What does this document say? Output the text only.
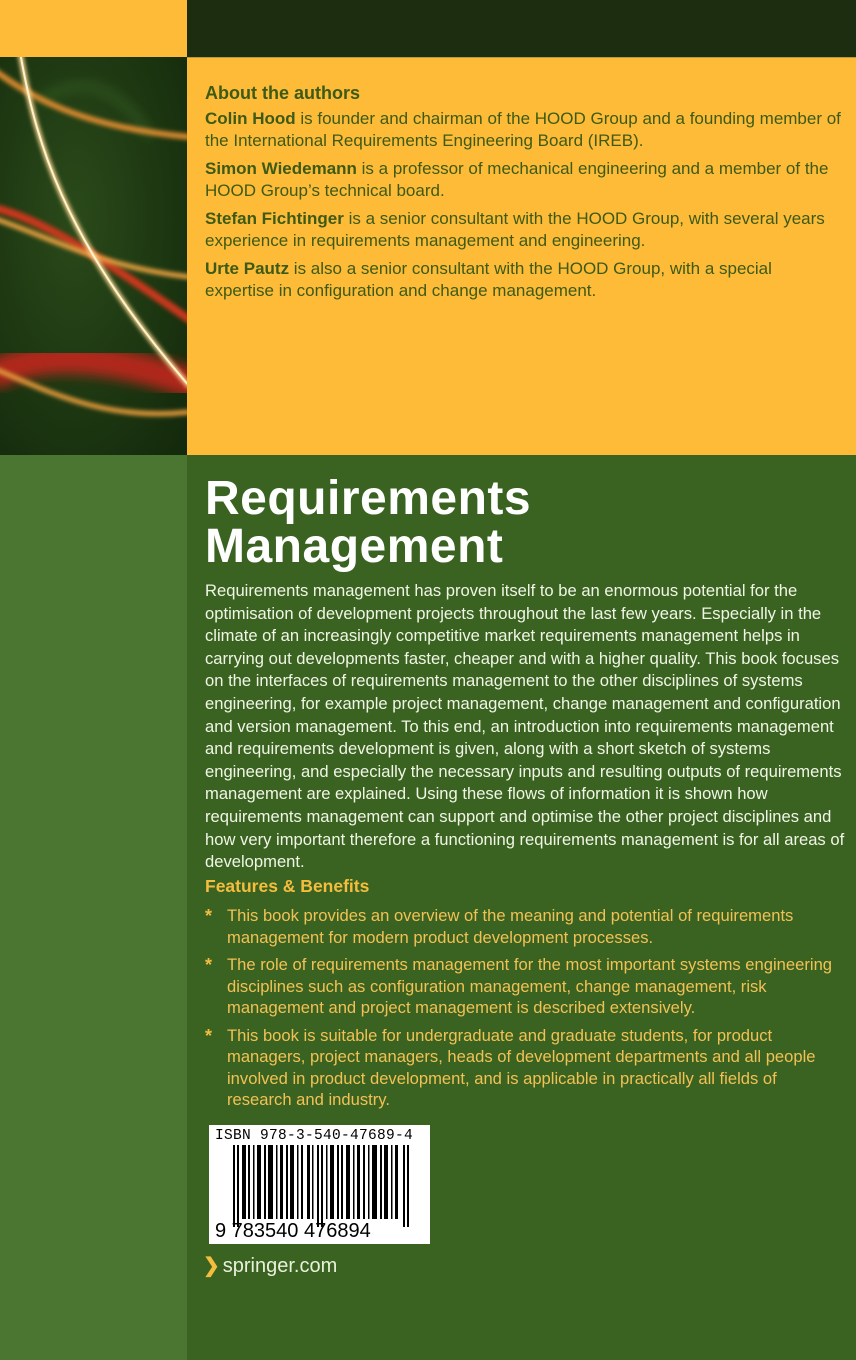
About the authors
Colin Hood is founder and chairman of the HOOD Group and a founding member of the International Requirements Engineering Board (IREB).
Simon Wiedemann is a professor of mechanical engineering and a member of the HOOD Group’s technical board.
Stefan Fichtinger is a senior consultant with the HOOD Group, with several years experience in requirements management and engineering.
Urte Pautz is also a senior consultant with the HOOD Group, with a special expertise in configuration and change management.
Requirements
Management
Requirements management has proven itself to be an enormous potential for the optimisation of development projects throughout the last few years. Especially in the climate of an increasingly competitive market requirements management helps in carrying out developments faster, cheaper and with a higher quality. This book focuses on the interfaces of requirements management to the other disciplines of systems engineering, for example project management, change management and configuration and version management. To this end, an introduction into requirements management and requirements development is given, along with a short sketch of systems engineering, and especially the necessary inputs and resulting outputs of requirements management are explained. Using these flows of information it is shown how requirements management can support and optimise the other project disciplines and how very important therefore a functioning requirements management is for all areas of development.
Features & Benefits
* This book provides an overview of the meaning and potential of requirements management for modern product development processes.
* The role of requirements management for the most important systems engineering disciplines such as configuration management, change management, risk management and project management is described extensively.
* This book is suitable for undergraduate and graduate students, for product managers, project managers, heads of development departments and all people involved in product development, and is applicable in practically all fields of research and industry.
ISBN 978-3-540-47689-4
9 783540 476894
❯ springer.com
